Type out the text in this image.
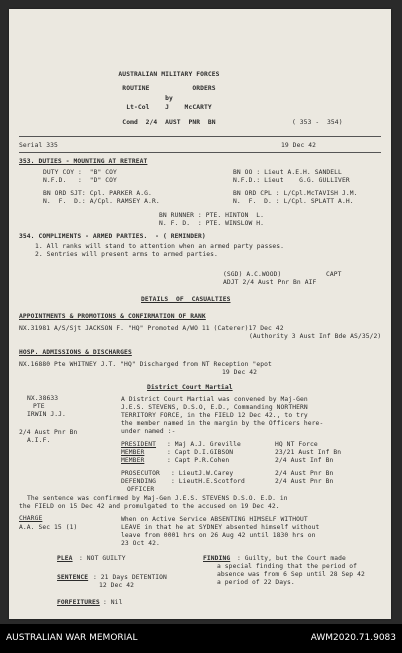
AUSTRALIAN MILITARY FORCES
ROUTINE           ORDERS
by
Lt-Col    J    McCARTY
Comd  2/4  AUST  PNR  BN	( 353 -  354)
Serial 335	19 Dec 42
353. DUTIES - MOUNTING AT RETREAT
DUTY COY :  "B" COY
N.F.D.   :  "D" COY
BN OO : Lieut A.E.H. SANDELL
N.F.D.: Lieut    G.G. GULLIVER
BN ORD SJT: Cpl. PARKER A.G.
N.  F.  D.: A/Cpl. RAMSEY A.R.
BN ORD CPL : L/Cpl.McTAVISH J.M.
N.  F.  D. : L/Cpl. SPLATT A.H.
BN RUNNER : PTE. HINTON  L.
N. F. D.  : PTE. WINSLOW H.
354. COMPLIMENTS - ARMED PARTIES.  - ( REMINDER)
1. All ranks will stand to attention when an armed party passes.
2. Sentries will present arms to armed parties.
(SGD) A.C.WOOD)	CAPT
ADJT 2/4 Aust Pnr Bn AIF
DETAILS  OF  CASUALTIES
APPOINTMENTS & PROMOTIONS & CONFIRMATION OF RANK
NX.31981 A/S/Sjt JACKSON F. "HQ" Promoted A/WO 11 (Caterer)17 Dec 42
(Authority 3 Aust Inf Bde AS/35/2)
HOSP. ADMISSIONS & DISCHARGES
NX.16880 Pte WHITNEY J.T. "HQ" Discharged from NT Reception "epot
19 Dec 42
District Court Martial
NX.38633
PTE
IRWIN J.J.
2/4 Aust Pnr Bn
A.I.F.
A District Court Martial was convened by Maj-Gen
J.E.S. STEVENS, D.S.O, E.D., Commanding NORTHERN
TERRITORY FORCE, in the FIELD 12 Dec 42., to try
the member named in the margin by the Officers here-
under named :-
PRESIDENT : Maj A.J. Greville	HQ NT Force
MEMBER	: Capt D.I.GIBSON	23/21 Aust Inf Bn
MEMBER	: Capt P.R.Cohen	2/4 Aust Inf Bn
PROSECUTOR : LieutJ.W.Carey	2/4 Aust Pnr Bn
DEFENDING : LieutH.E.Scotford	2/4 Aust Pnr Bn
OFFICER
The sentence was confirmed by Maj-Gen J.E.S. STEVENS D.S.O. E.D. in
the FIELD on 15 Dec 42 and promulgated to the accused on 19 Dec 42.
CHARGE
A.A. Sec 15 (1)
When on Active Service ABSENTING HIMSELF WITHOUT
LEAVE in that he at SYDNEY absented himself without
leave from 0001 hrs on 26 Aug 42 until 1830 hrs on
23 Oct 42.
PLEA : NOT GUILTY	FINDING : Guilty, but the Court made
a special finding that the period of
absence was from 6 Sep until 28 Sep 42
a period of 22 Days.
SENTENCE : 21 Days DETENTION
12 Dec 42
FORFEITURES : Nil
AUSTRALIAN WAR MEMORIAL	AWM2020.71.9083
